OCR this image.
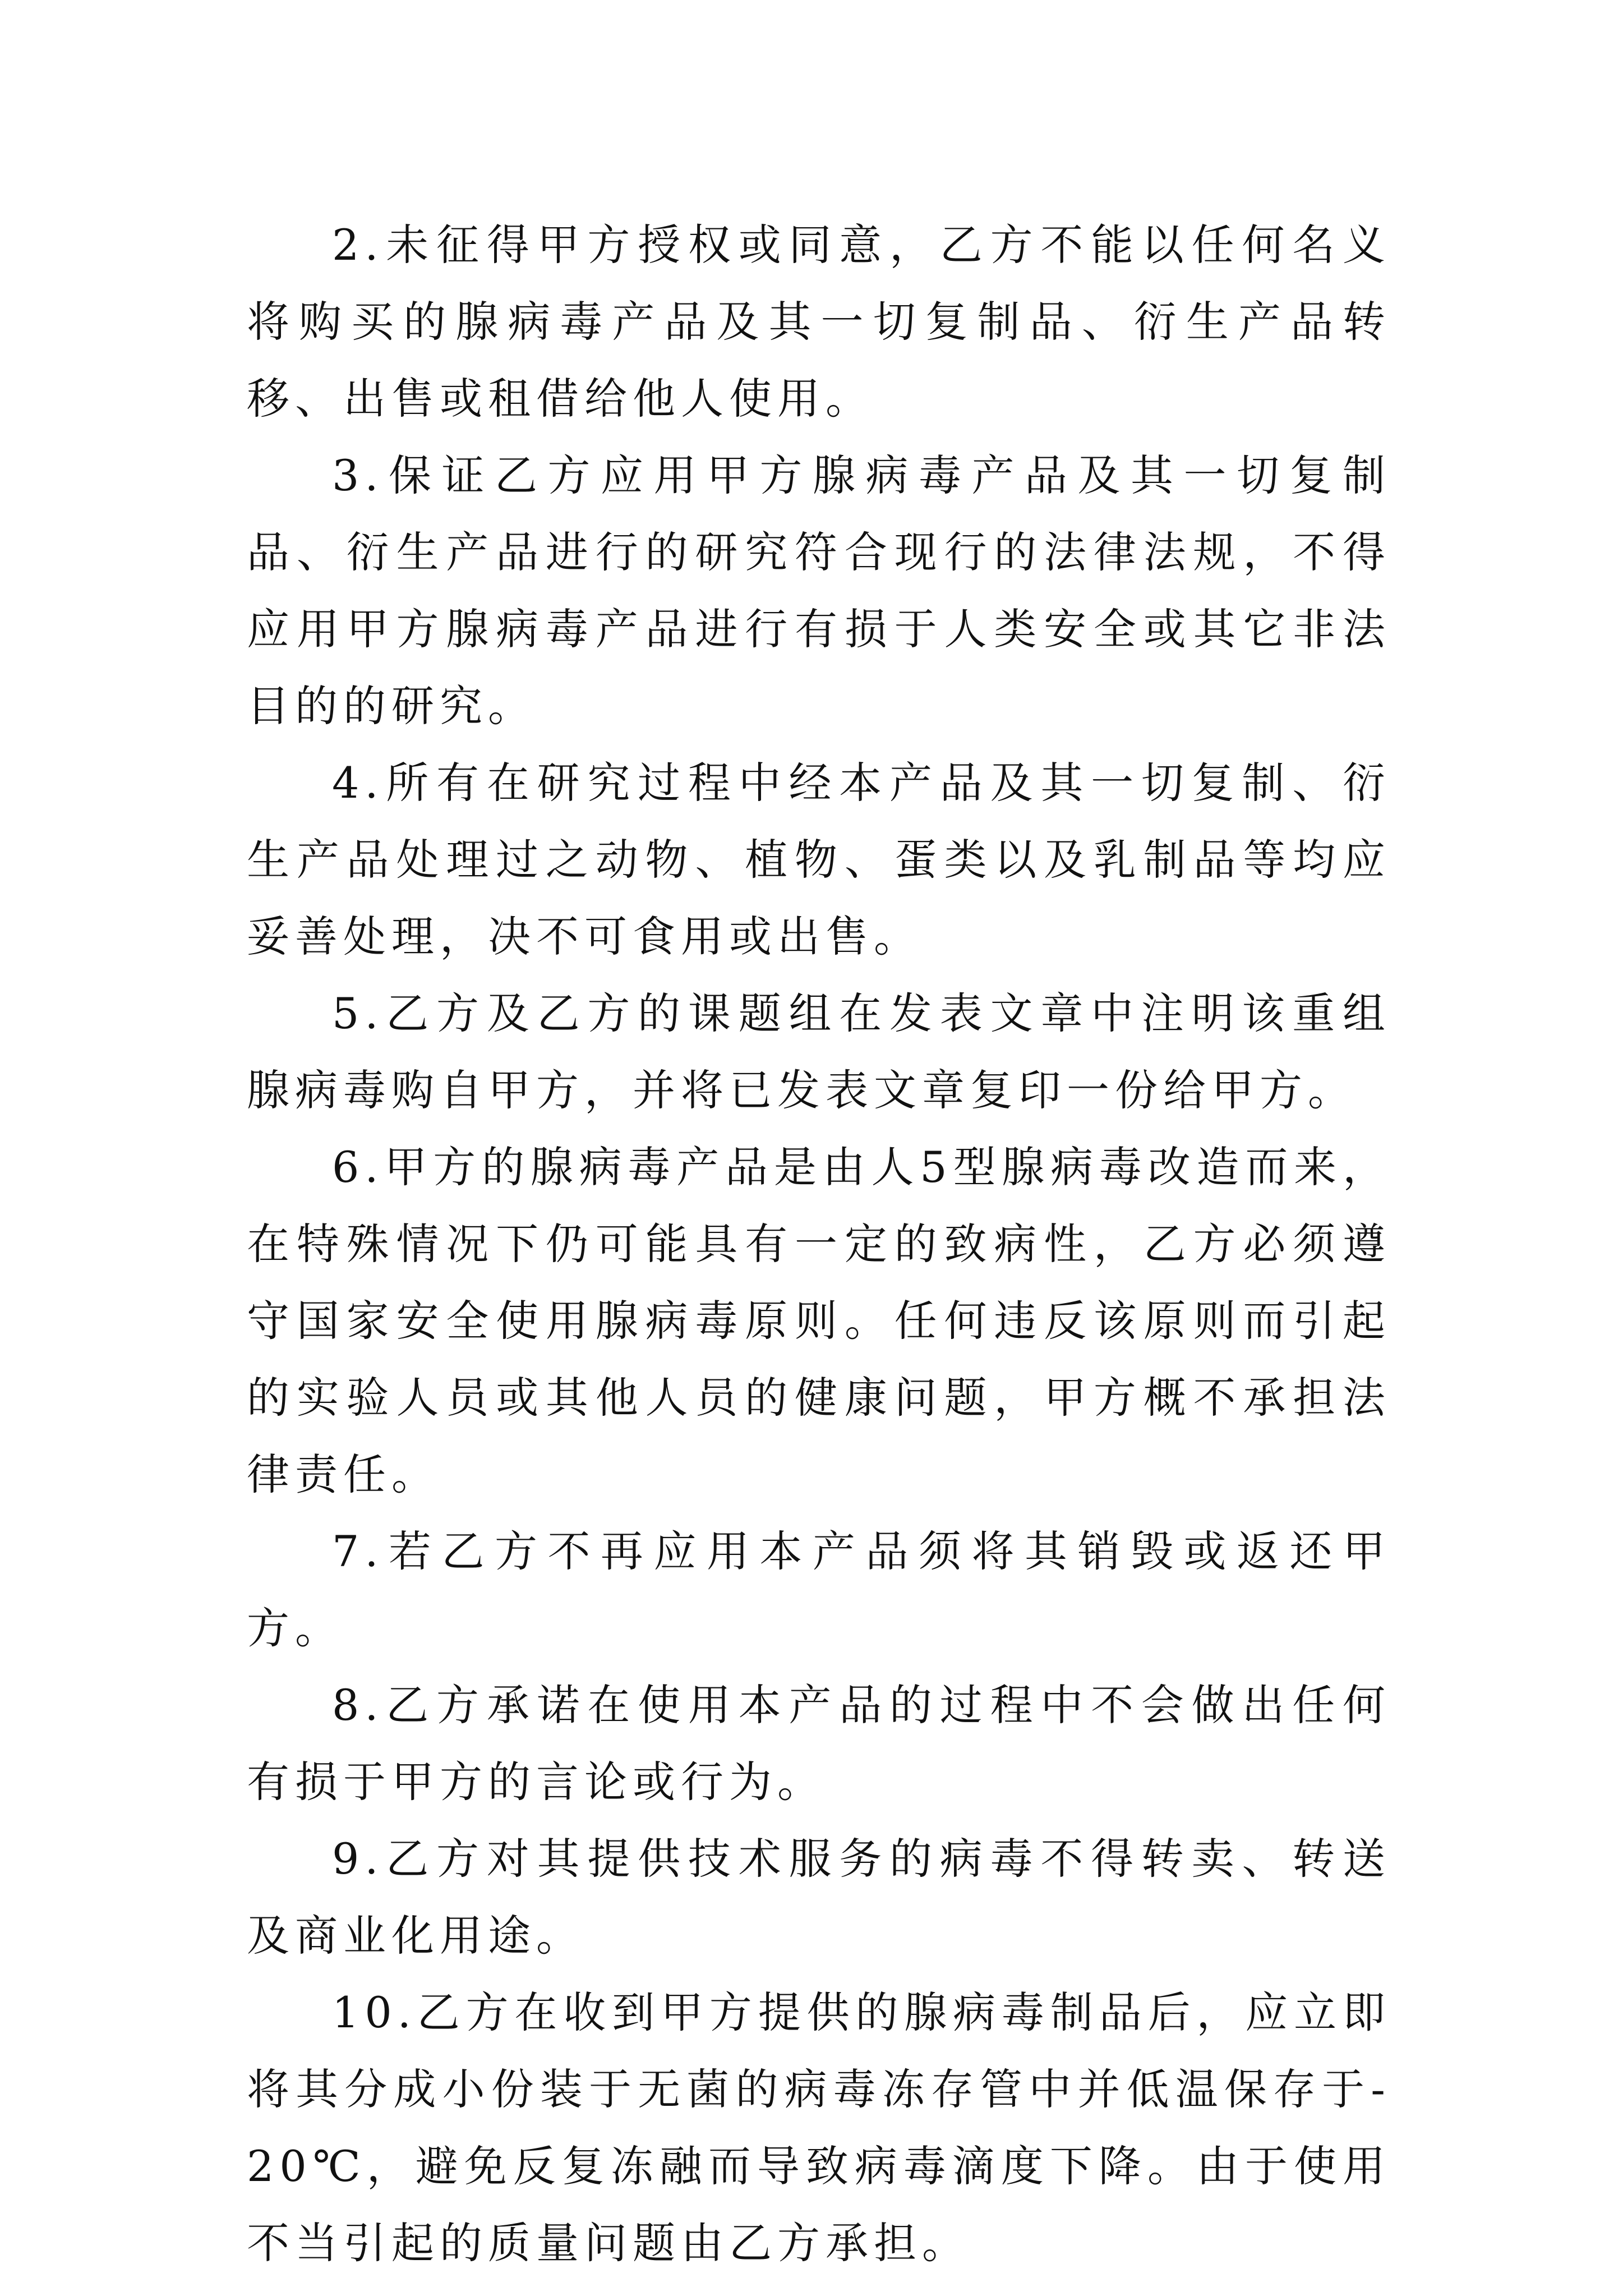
2.未征得甲方授权或同意，乙方不能以任何名义将购买的腺病毒产品及其一切复制品、衍生产品转移、出售或租借给他人使用。

3.保证乙方应用甲方腺病毒产品及其一切复制品、衍生产品进行的研究符合现行的法律法规，不得应用甲方腺病毒产品进行有损于人类安全或其它非法目的的研究。

4.所有在研究过程中经本产品及其一切复制、衍生产品处理过之动物、植物、蛋类以及乳制品等均应妥善处理，决不可食用或出售。

5.乙方及乙方的课题组在发表文章中注明该重组腺病毒购自甲方，并将已发表文章复印一份给甲方。

6.甲方的腺病毒产品是由人5型腺病毒改造而来，在特殊情况下仍可能具有一定的致病性，乙方必须遵守国家安全使用腺病毒原则。任何违反该原则而引起的实验人员或其他人员的健康问题，甲方概不承担法律责任。

7.若乙方不再应用本产品须将其销毁或返还甲方。

8.乙方承诺在使用本产品的过程中不会做出任何有损于甲方的言论或行为。

9.乙方对其提供技术服务的病毒不得转卖、转送及商业化用途。

10.乙方在收到甲方提供的腺病毒制品后，应立即将其分成小份装于无菌的病毒冻存管中并低温保存于-20℃，避免反复冻融而导致病毒滴度下降。由于使用不当引起的质量问题由乙方承担。
